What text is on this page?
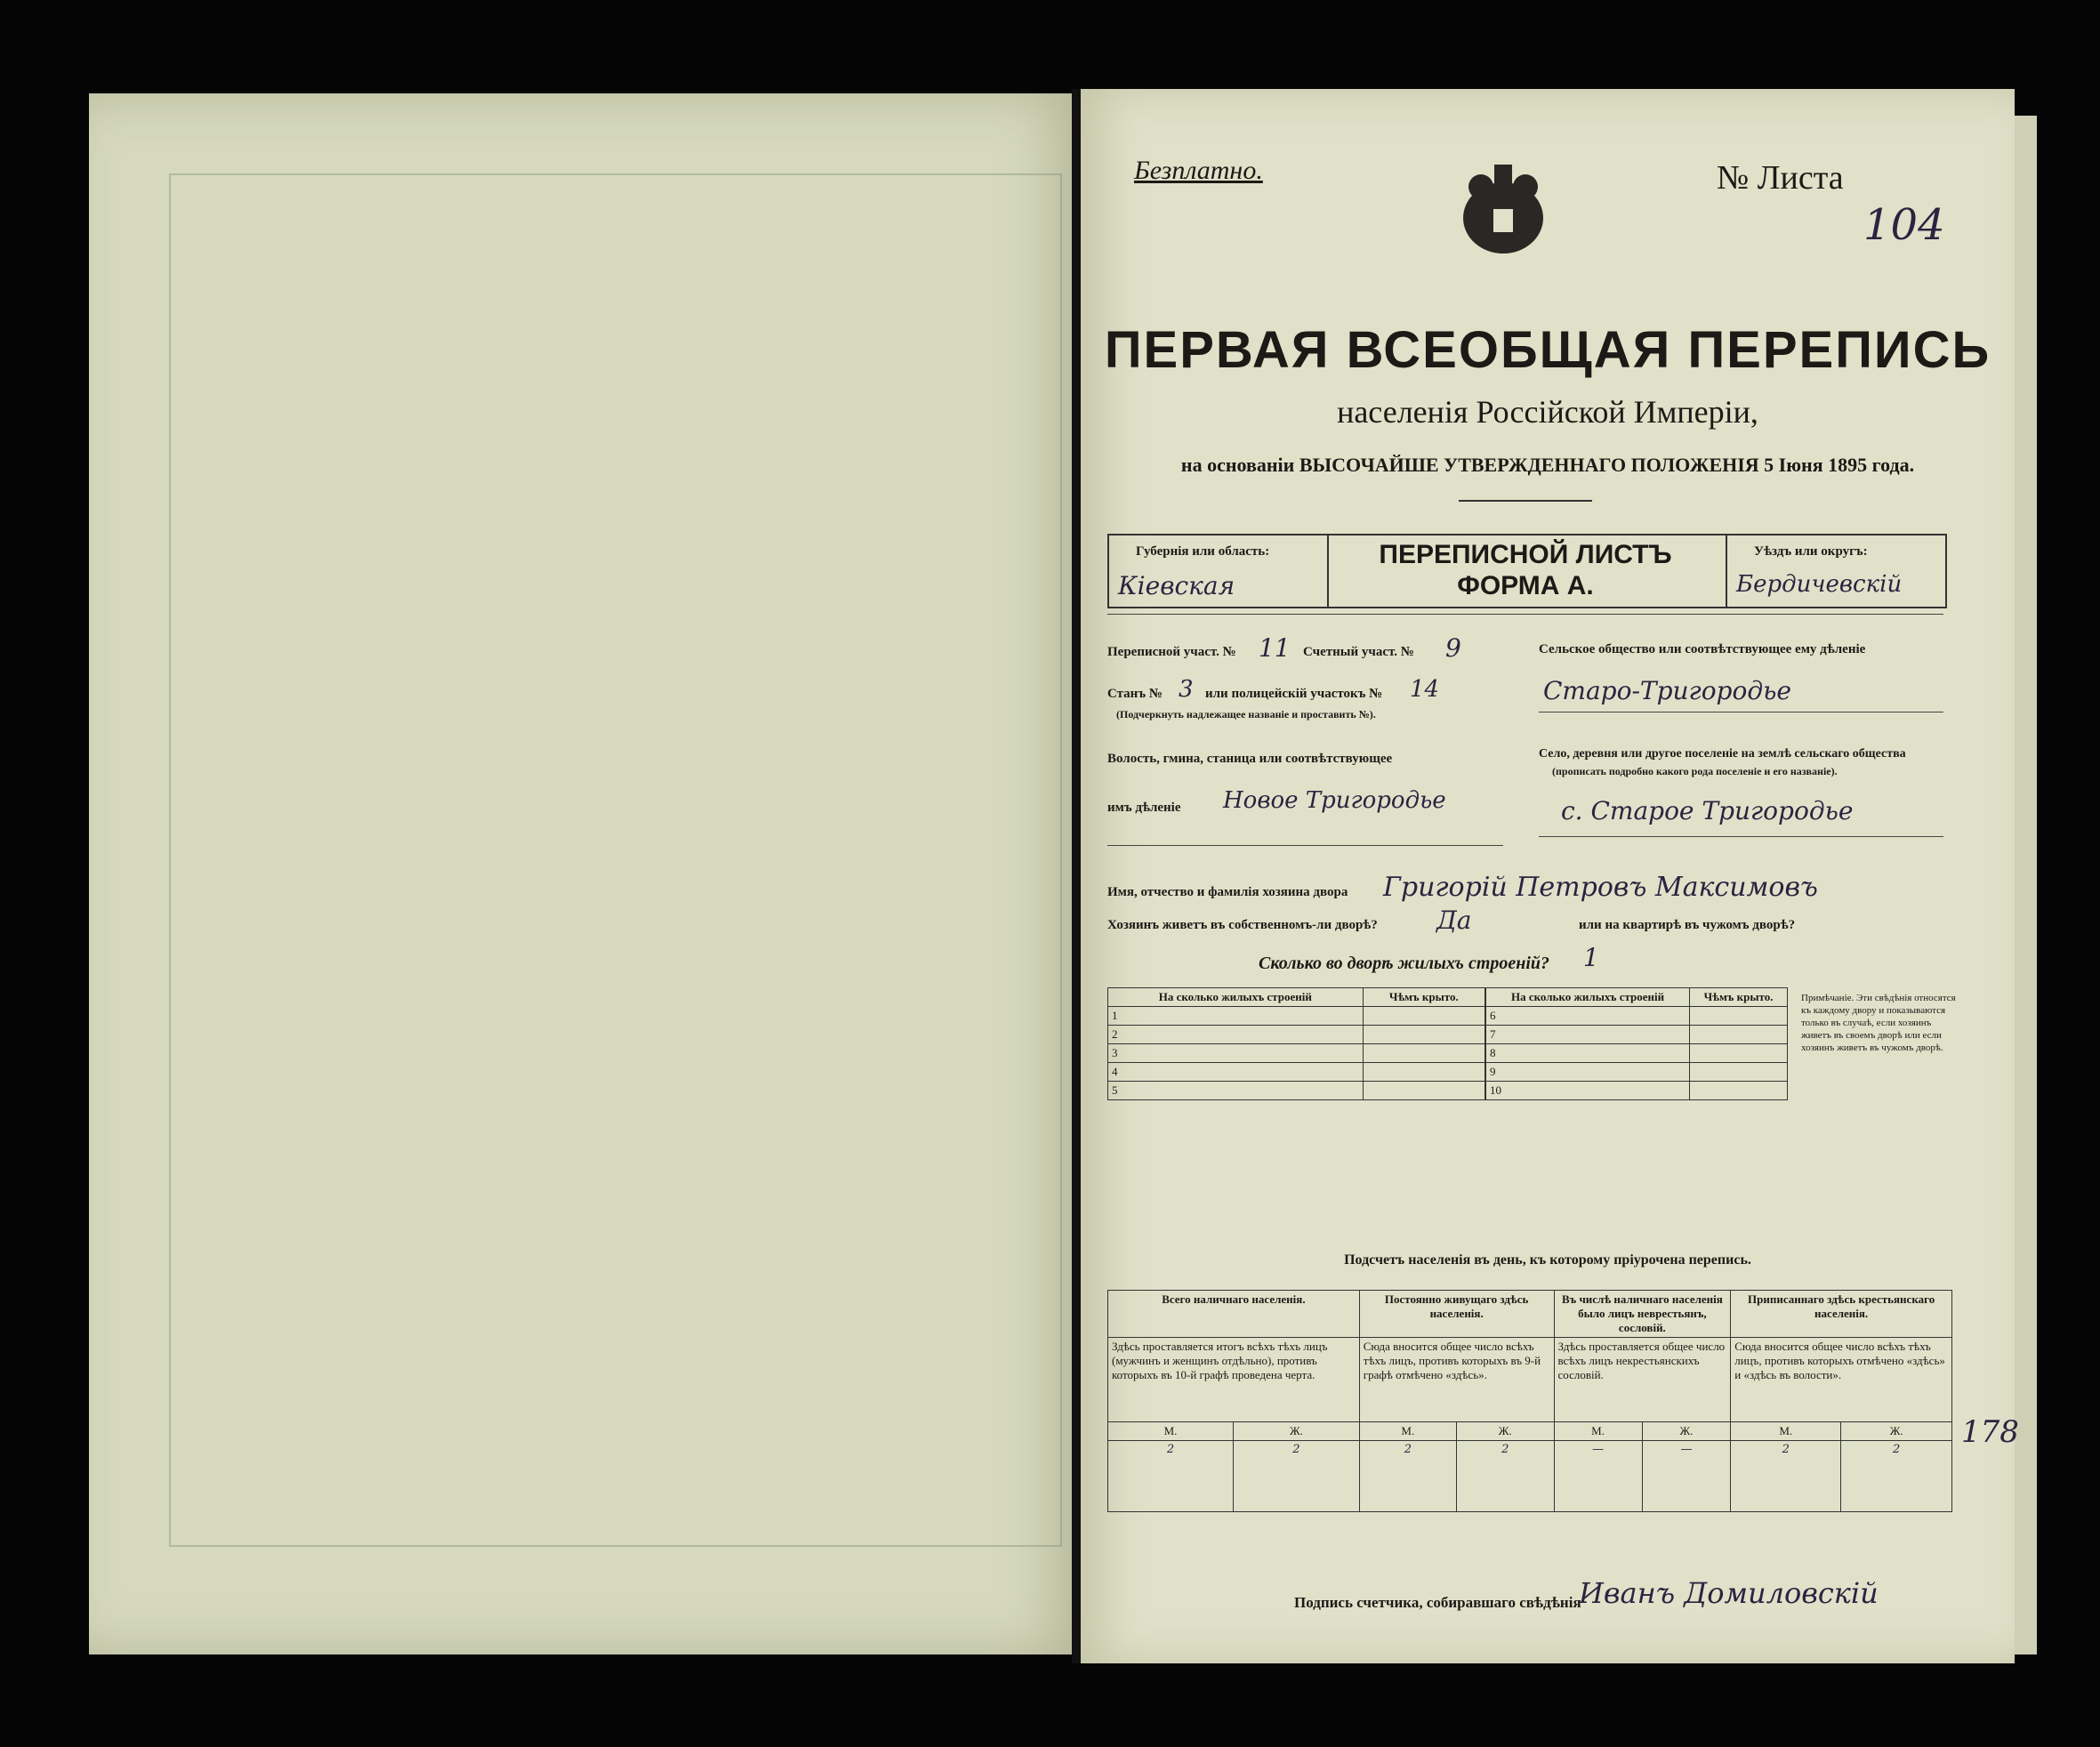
Безплатно.	№ Листа
104
ПЕРВАЯ ВСЕОБЩАЯ ПЕРЕПИСЬ
населенія Россійской Имперіи,
на основаніи ВЫСОЧАЙШЕ УТВЕРЖДЕННАГО ПОЛОЖЕНІЯ 5 Іюня 1895 года.
Губернія или область:
Кіевская
ПЕРЕПИСНОЙ ЛИСТЪ
ФОРМА А.
Уѣздъ или округъ:
Бердичевскій
Переписной участ. № 11 Счетный участ. № 9
Станъ № 3 или полицейскій участокъ № 14
(Подчеркнуть надлежащее названіе и проставить №).
Волость, гмина, станица или соотвѣтствующее
имъ дѣленіе Новое Тригородье
Сельское общество или соотвѣтствующее ему дѣленіе
Старо-Тригородье
Село, деревня или другое поселеніе на землѣ сельскаго общества
(прописать подробно какого рода поселеніе и его названіе).
с. Старое Тригородье
Имя, отчество и фамилія хозяина двора Григорій Петровъ Максимовъ
Хозяинъ живетъ въ собственномъ-ли дворѣ? Да	или на квартирѣ въ чужомъ дворѣ?
Сколько во дворѣ жилыхъ строеній? 1
На сколько жилыхъ строеній	Чѣмъ крыто.
1	
2	
3	
4	
5	
На сколько жилыхъ строеній	Чѣмъ крыто.
6	
7	
8	
9	
10	
Примѣчаніе. Эти свѣдѣнія относятся къ каждому двору и показываются только въ случаѣ, если хозяинъ живетъ въ своемъ дворѣ или если хозяинъ живетъ въ чужомъ дворѣ.
Подсчетъ населенія въ день, къ которому пріурочена перепись.
Всего наличнаго населенія.		Постоянно живущаго здѣсь населенія.		Въ числѣ наличнаго населенія было лицъ неврестьянъ, сословій.		Приписаннаго здѣсь крестьянскаго населенія.	
Здѣсь проставляется итогъ всѣхъ тѣхъ лицъ (мужчинъ и женщинъ отдѣльно), противъ которыхъ въ 10-й графѣ проведена черта.		Сюда вносится общее число всѣхъ тѣхъ лицъ, противъ которыхъ въ 9-й графѣ отмѣчено «здѣсь».		Здѣсь проставляется общее число всѣхъ лицъ некрестьянскихъ сословій.		Сюда вносится общее число всѣхъ тѣхъ лицъ, противъ которыхъ отмѣчено «здѣсь» и «здѣсь въ волости».	
М.	Ж.	М.	Ж.	М.	Ж.	М.	Ж.
2	2	2	2	—	—	2	2 178
Подпись счетчика, собиравшаго свѣдѣнія
Иванъ Домиловскій
